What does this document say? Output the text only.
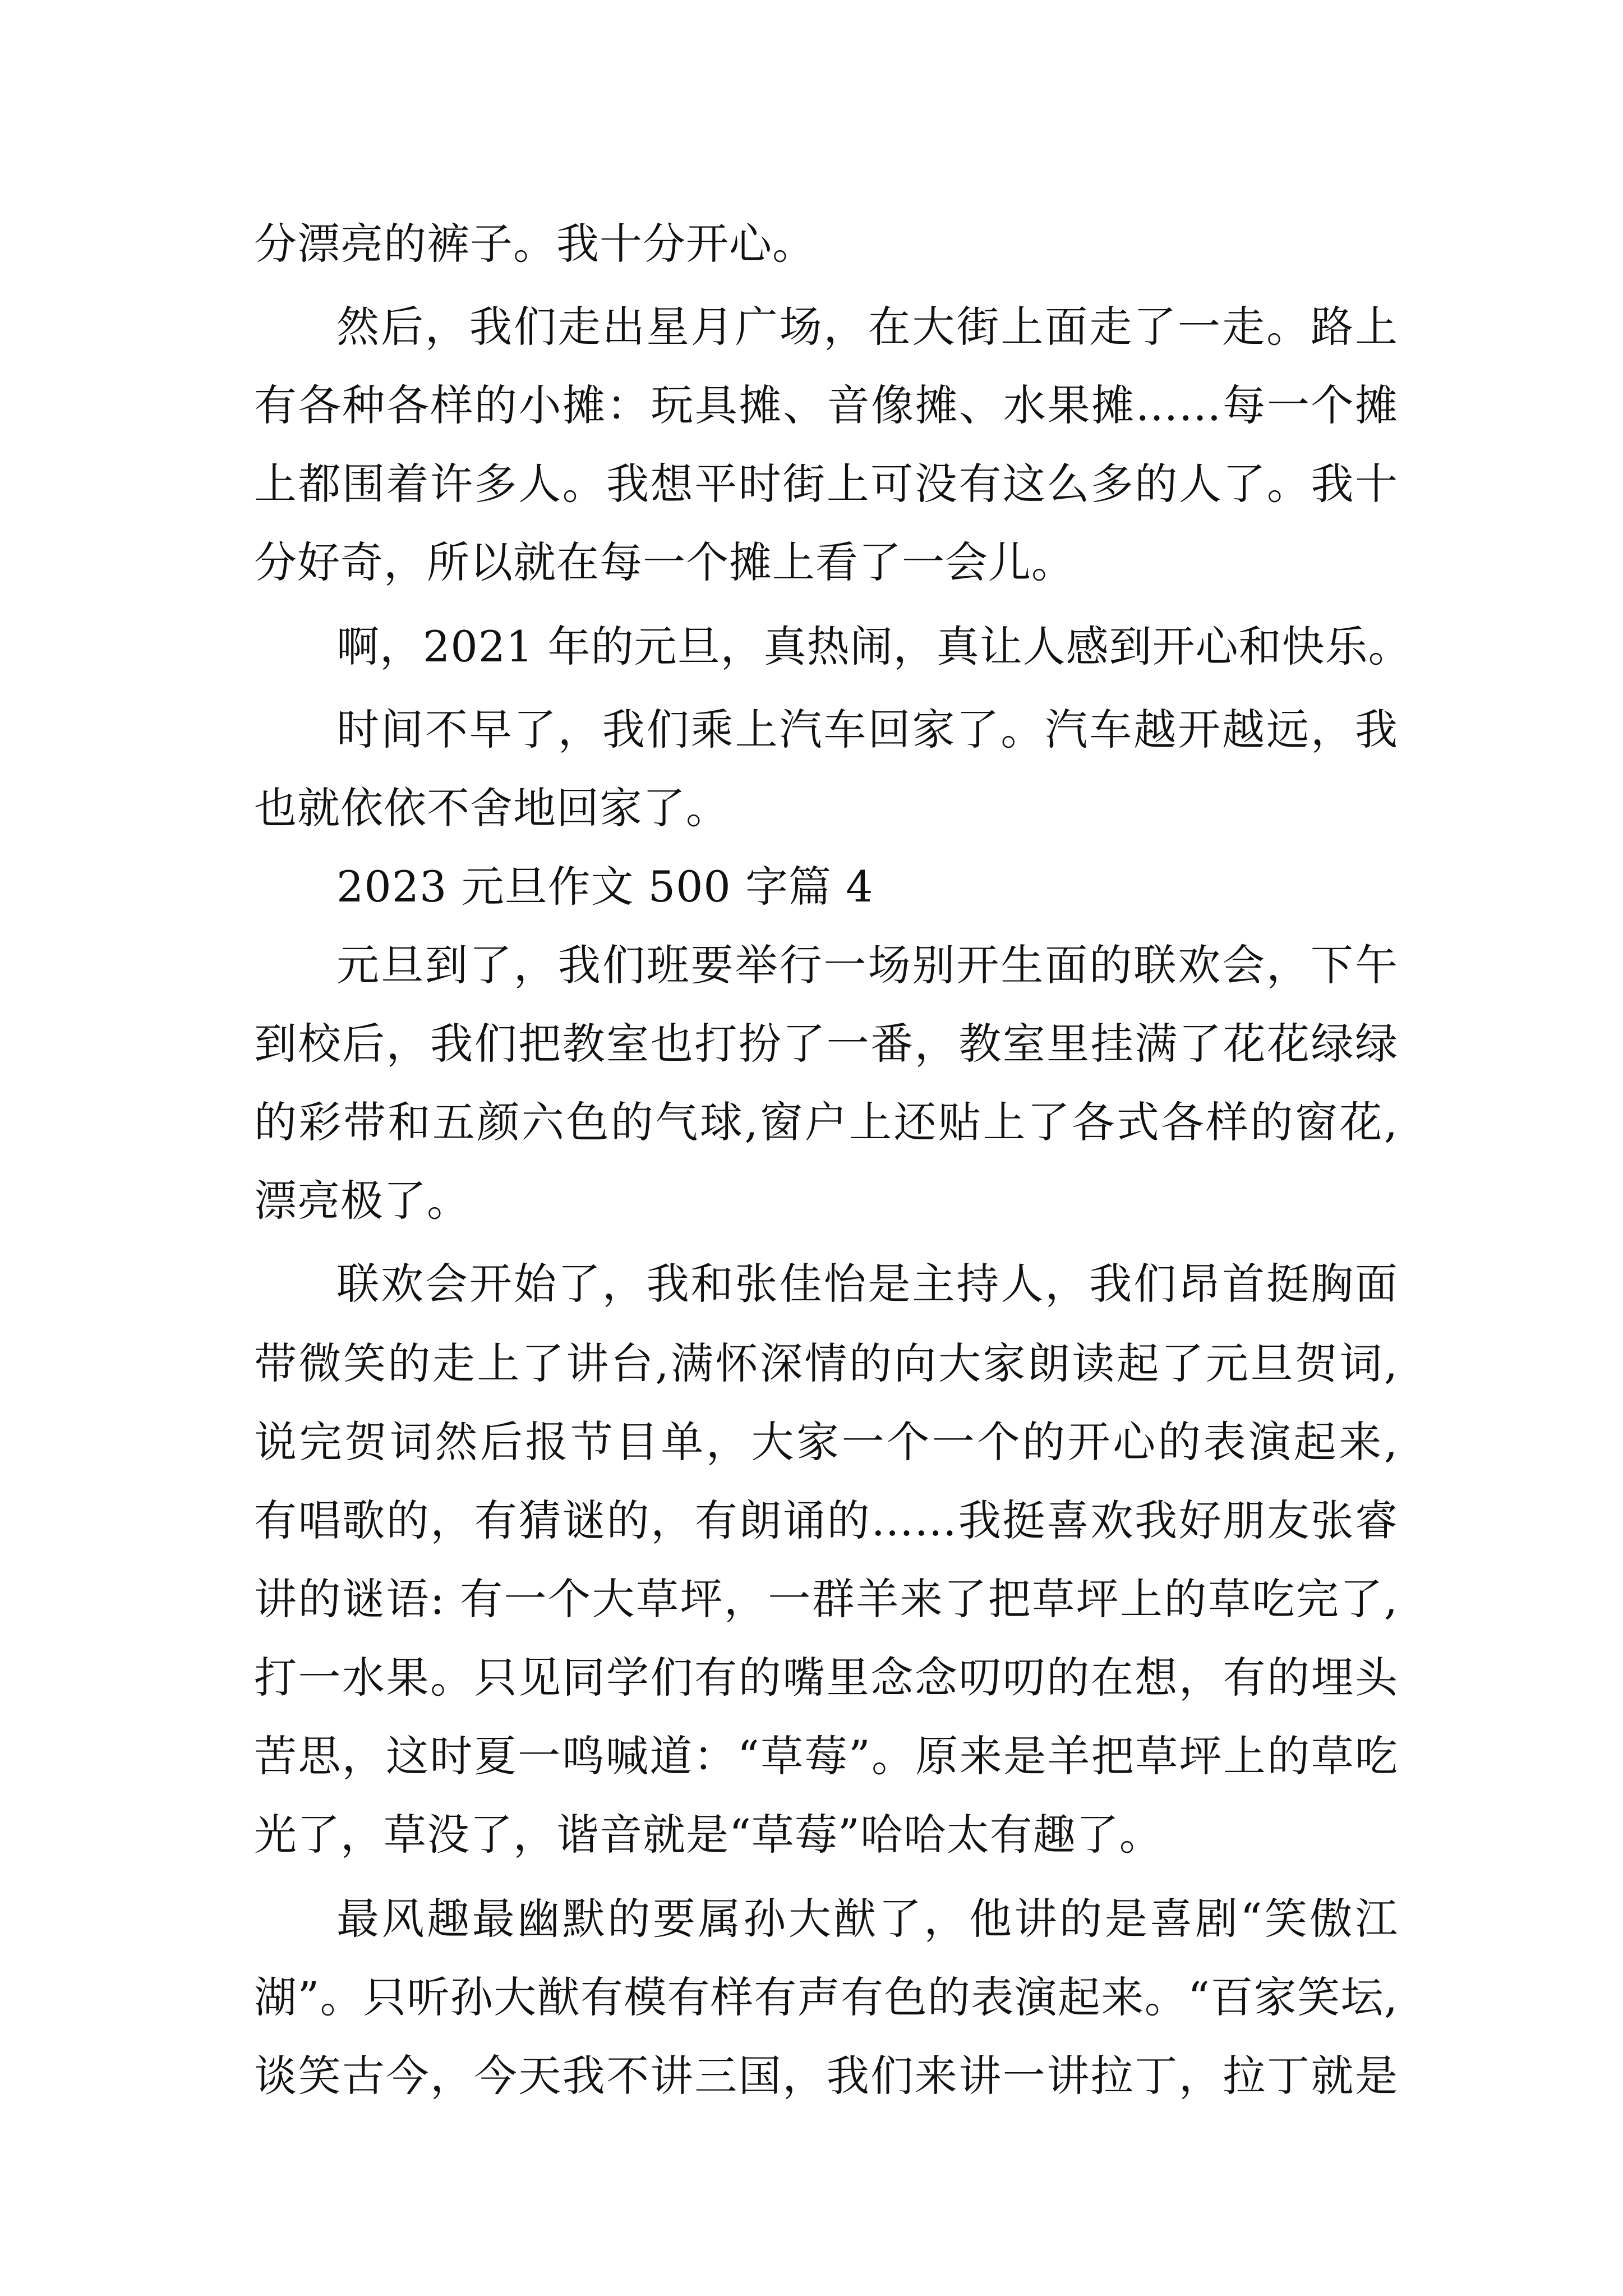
分漂亮的裤子。我十分开心。
然后，我们走出星月广场，在大街上面走了一走。路上
有各种各样的小摊：玩具摊、音像摊、水果摊……每一个摊
上都围着许多人。我想平时街上可没有这么多的人了。我十
分好奇，所以就在每一个摊上看了一会儿。
啊，2021 年的元旦，真热闹，真让人感到开心和快乐。
时间不早了，我们乘上汽车回家了。汽车越开越远，我
也就依依不舍地回家了。
2023 元旦作文 500 字篇 4
元旦到了，我们班要举行一场别开生面的联欢会，下午
到校后，我们把教室也打扮了一番，教室里挂满了花花绿绿
的彩带和五颜六色的气球,窗户上还贴上了各式各样的窗花,
漂亮极了。
联欢会开始了，我和张佳怡是主持人，我们昂首挺胸面
带微笑的走上了讲台,满怀深情的向大家朗读起了元旦贺词,
说完贺词然后报节目单，大家一个一个的开心的表演起来,
有唱歌的，有猜谜的，有朗诵的……我挺喜欢我好朋友张睿
讲的谜语: 有一个大草坪，一群羊来了把草坪上的草吃完了,
打一水果。只见同学们有的嘴里念念叨叨的在想，有的埋头
苦思，这时夏一鸣喊道：“草莓”。原来是羊把草坪上的草吃
光了，草没了，谐音就是“草莓”哈哈太有趣了。
最风趣最幽默的要属孙大猷了，他讲的是喜剧“笑傲江
湖”。只听孙大猷有模有样有声有色的表演起来。“百家笑坛,
谈笑古今，今天我不讲三国，我们来讲一讲拉丁，拉丁就是
